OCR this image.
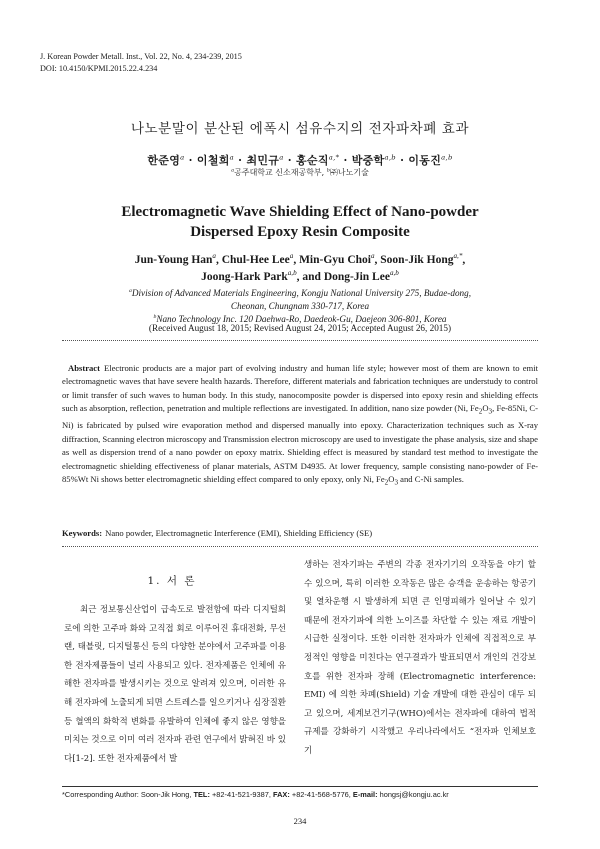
J. Korean Powder Metall. Inst., Vol. 22, No. 4, 234-239, 2015
DOI: 10.4150/KPMI.2015.22.4.234
나노분말이 분산된 에폭시 섬유수지의 전자파차폐 효과
한준영$^a$ · 이철희$^a$ · 최민규$^a$ · 홍순직$^{a,*}$ · 박중학$^{a,b}$ · 이동진$^{a,b}$
$^a$공주대학교 신소재공학부, $^b$㈜나노기술
Electromagnetic Wave Shielding Effect of Nano-powder
Dispersed Epoxy Resin Composite
Jun-Young Han$^a$, Chul-Hee Lee$^a$, Min-Gyu Choi$^a$, Soon-Jik Hong$^{a,*}$,
Joong-Hark Park$^{a,b}$, and Dong-Jin Lee$^{a,b}$
$^a$Division of Advanced Materials Engineering, Kongju National University 275, Budae-dong,
Cheonan, Chungnam 330-717, Korea
$^b$Nano Technology Inc. 120 Daehwa-Ro, Daedeok-Gu, Daejeon 306-801, Korea
(Received August 18, 2015; Revised August 24, 2015; Accepted August 26, 2015)
Abstract Electronic products are a major part of evolving industry and human life style; however most of them are known to emit electromagnetic waves that have severe health hazards. Therefore, different materials and fabrication techniques are understudy to control or limit transfer of such waves to human body. In this study, nanocomposite powder is dispersed into epoxy resin and shielding effects such as absorption, reflection, penetration and multiple reflections are investigated. In addition, nano size powder (Ni, $Fe_2O_3$, Fe-85Ni, C-Ni) is fabricated by pulsed wire evaporation method and dispersed manually into epoxy. Characterization techniques such as X-ray diffraction, Scanning electron microscopy and Transmission electron microscopy are used to investigate the phase analysis, size and shape as well as dispersion trend of a nano powder on epoxy matrix. Shielding effect is measured by standard test method to investigate the electromagnetic shielding effectiveness of planar materials, ASTM D4935. At lower frequency, sample consisting nano-powder of Fe-85%Wt Ni shows better electromagnetic shielding effect compared to only epoxy, only Ni, $Fe_2O_3$ and C-Ni samples.
Keywords: Nano powder, Electromagnetic Interference (EMI), Shielding Efficiency (SE)
1. 서 론
최근 정보통신산업이 급속도로 발전함에 따라 디지털회로에 의한 고주파 화와 고직접 회로 이루어진 휴대전화, 무선랜, 태블릿, 디지털통신 등의 다양한 분야에서 고주파를 이용한 전자제품들이 널리 사용되고 있다. 전자제품은 인체에 유해한 전자파를 발생시키는 것으로 알려져 있으며, 이러한 유해 전자파에 노출되게 되면 스트레스를 일으키거나 심장질환 등 혈액의 화학적 변화를 유발하여 인체에 좋지 않은 영향을 미치는 것으로 이미 여러 전자파 관련 연구에서 밝혀진 바 있다[1-2]. 또한 전자제품에서 발
생하는 전자기파는 주변의 각종 전자기기의 오작동을 야기 할 수 있으며, 특히 이러한 오작동은 많은 승객을 운송하는 항공기 및 열차운행 시 발생하게 되면 큰 인명피해가 일어날 수 있기 때문에 전자기파에 의한 노이즈를 차단할 수 있는 재료 개발이 시급한 실정이다. 또한 이러한 전자파가 인체에 직접적으로 부정적인 영향을 미친다는 연구결과가 발표되면서 개인의 건강보호를 위한 전자파 장해 (Electromagnetic interference: EMI) 에 의한 차폐(Shield) 기술 개발에 대한 관심이 대두 되고 있으며, 세계보건기구(WHO)에서는 전자파에 대하여 법적 규제를 강화하기 시작했고 우리나라에서도 “전자파 인체보호 기
*Corresponding Author: Soon-Jik Hong, TEL: +82-41-521-9387, FAX: +82-41-568-5776, E-mail: hongsj@kongju.ac.kr
234
